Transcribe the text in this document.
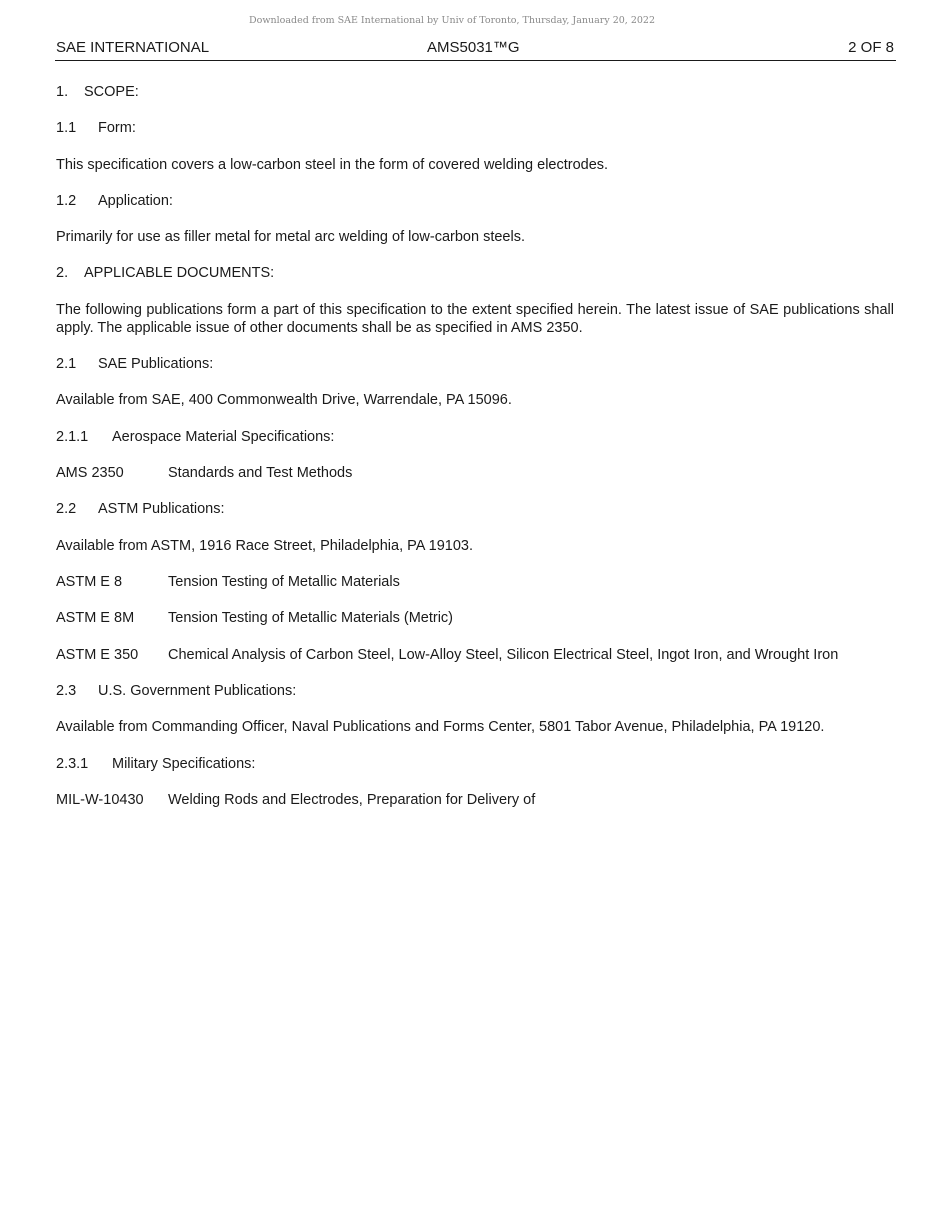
Downloaded from SAE International by Univ of Toronto, Thursday, January 20, 2022
SAE INTERNATIONAL	AMS5031™G	2 OF 8
1. SCOPE:
1.1 Form:
This specification covers a low-carbon steel in the form of covered welding electrodes.
1.2 Application:
Primarily for use as filler metal for metal arc welding of low-carbon steels.
2. APPLICABLE DOCUMENTS:
The following publications form a part of this specification to the extent specified herein. The latest issue of SAE publications shall apply. The applicable issue of other documents shall be as specified in AMS 2350.
2.1 SAE Publications:
Available from SAE, 400 Commonwealth Drive, Warrendale, PA 15096.
2.1.1 Aerospace Material Specifications:
AMS 2350	Standards and Test Methods
2.2 ASTM Publications:
Available from ASTM, 1916 Race Street, Philadelphia, PA 19103.
ASTM E 8	Tension Testing of Metallic Materials
ASTM E 8M Tension Testing of Metallic Materials (Metric)
ASTM E 350 Chemical Analysis of Carbon Steel, Low-Alloy Steel, Silicon Electrical Steel, Ingot Iron, and Wrought Iron
2.3 U.S. Government Publications:
Available from Commanding Officer, Naval Publications and Forms Center, 5801 Tabor Avenue, Philadelphia, PA 19120.
2.3.1 Military Specifications:
MIL-W-10430 Welding Rods and Electrodes, Preparation for Delivery of
